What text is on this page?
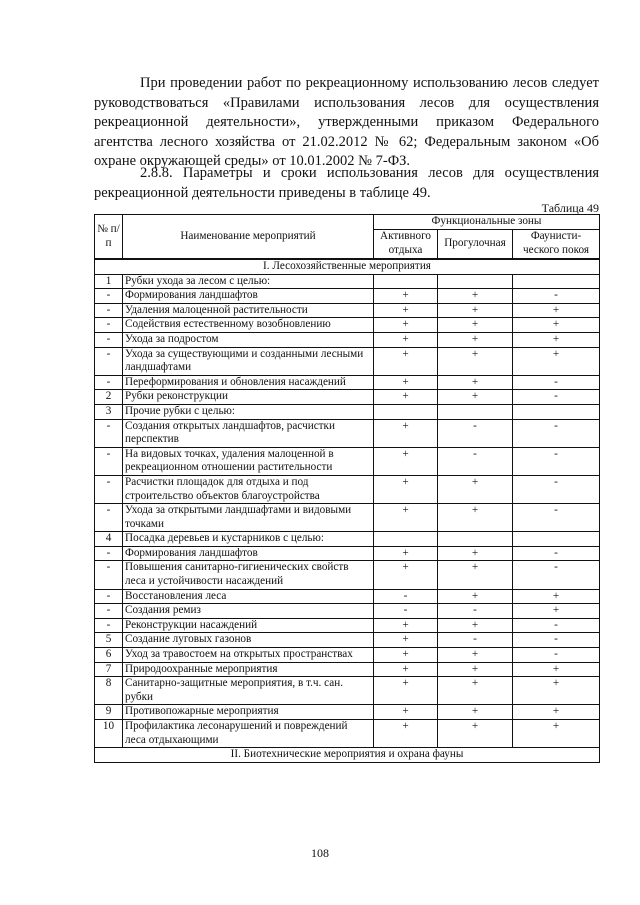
При проведении работ по рекреационному использованию лесов следует руководствоваться «Правилами использования лесов для осуществления рекреационной деятельности», утвержденными приказом Федерального агентства лесного хозяйства от 21.02.2012 № 62; Федеральным законом «Об охране окружающей среды» от 10.01.2002 № 7-ФЗ.

2.8.8. Параметры и сроки использования лесов для осуществления рекреационной деятельности приведены в таблице 49.

Таблица 49
№ п/п	Наименование мероприятий	Функциональные зоны		
		Активного отдыха	Прогулочная	Фаунисти-ческого покоя

I. Лесохозяйственные мероприятия				
1	Рубки ухода за лесом с целью:			
-	Формирования ландшафтов	+	+	-
-	Удаления малоценной растительности	+	+	+
-	Содействия естественному возобновлению	+	+	+
-	Ухода за подростом	+	+	+
-	Ухода за существующими и созданными лесными ландшафтами	+	+	+
-	Переформирования и обновления насаждений	+	+	-
2	Рубки реконструкции	+	+	-
3	Прочие рубки с целью:			
-	Создания открытых ландшафтов, расчистки перспектив	+	-	-
-	На видовых точках, удаления малоценной в рекреационном отношении растительности	+	-	-
-	Расчистки площадок для отдыха и под строительство объектов благоустройства	+	+	-
-	Ухода за открытыми ландшафтами и видовыми точками	+	+	-
4	Посадка деревьев и кустарников с целью:			
-	Формирования ландшафтов	+	+	-
-	Повышения санитарно-гигиенических свойств леса и устойчивости насаждений	+	+	-
-	Восстановления леса	-	+	+
-	Создания ремиз	-	-	+
-	Реконструкции насаждений	+	+	-
5	Создание луговых газонов	+	-	-
6	Уход за травостоем на открытых пространствах	+	+	-
7	Природоохранные мероприятия	+	+	+
8	Санитарно-защитные мероприятия, в т.ч. сан. рубки	+	+	+
9	Противопожарные мероприятия	+	+	+
10	Профилактика лесонарушений и повреждений леса отдыхающими	+	+	+
II. Биотехнические мероприятия и охрана фауны				
108
